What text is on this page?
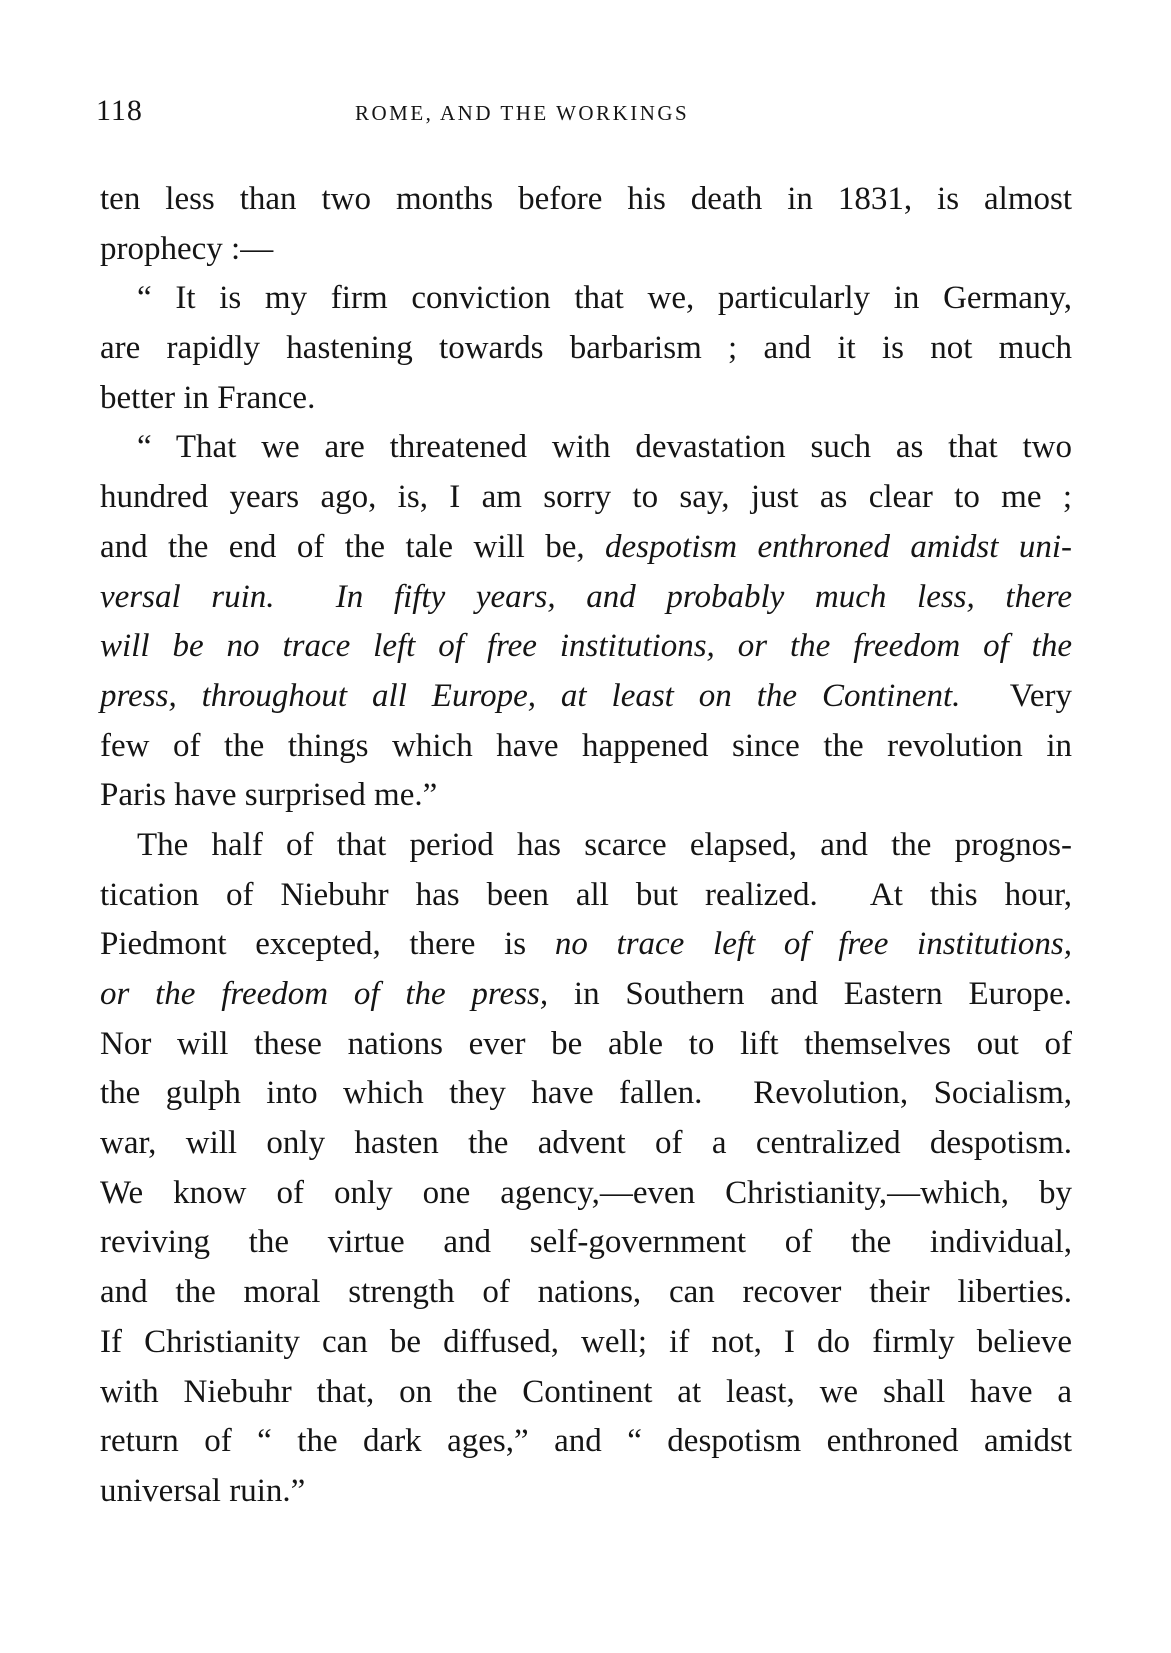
118	ROME, AND THE WORKINGS
ten less than two months before his death in 1831, is almost
prophecy :—
“ It is my firm conviction that we, particularly in Germany,
are rapidly hastening towards barbarism ; and it is not much
better in France.
“ That we are threatened with devastation such as that two
hundred years ago, is, I am sorry to say, just as clear to me ;
and the end of the tale will be, despotism enthroned amidst uni-
versal ruin.  In fifty years, and probably much less, there
will be no trace left of free institutions, or the freedom of the
press, throughout all Europe, at least on the Continent.  Very
few of the things which have happened since the revolution in
Paris have surprised me.”
The half of that period has scarce elapsed, and the prognos-
tication of Niebuhr has been all but realized.  At this hour,
Piedmont excepted, there is no trace left of free institutions,
or the freedom of the press, in Southern and Eastern Europe.
Nor will these nations ever be able to lift themselves out of
the gulph into which they have fallen.  Revolution, Socialism,
war, will only hasten the advent of a centralized despotism.
We know of only one agency,—even Christianity,—which, by
reviving the virtue and self-government of the individual,
and the moral strength of nations, can recover their liberties.
If Christianity can be diffused, well; if not, I do firmly believe
with Niebuhr that, on the Continent at least, we shall have a
return of “ the dark ages,” and “ despotism enthroned amidst
universal ruin.”
